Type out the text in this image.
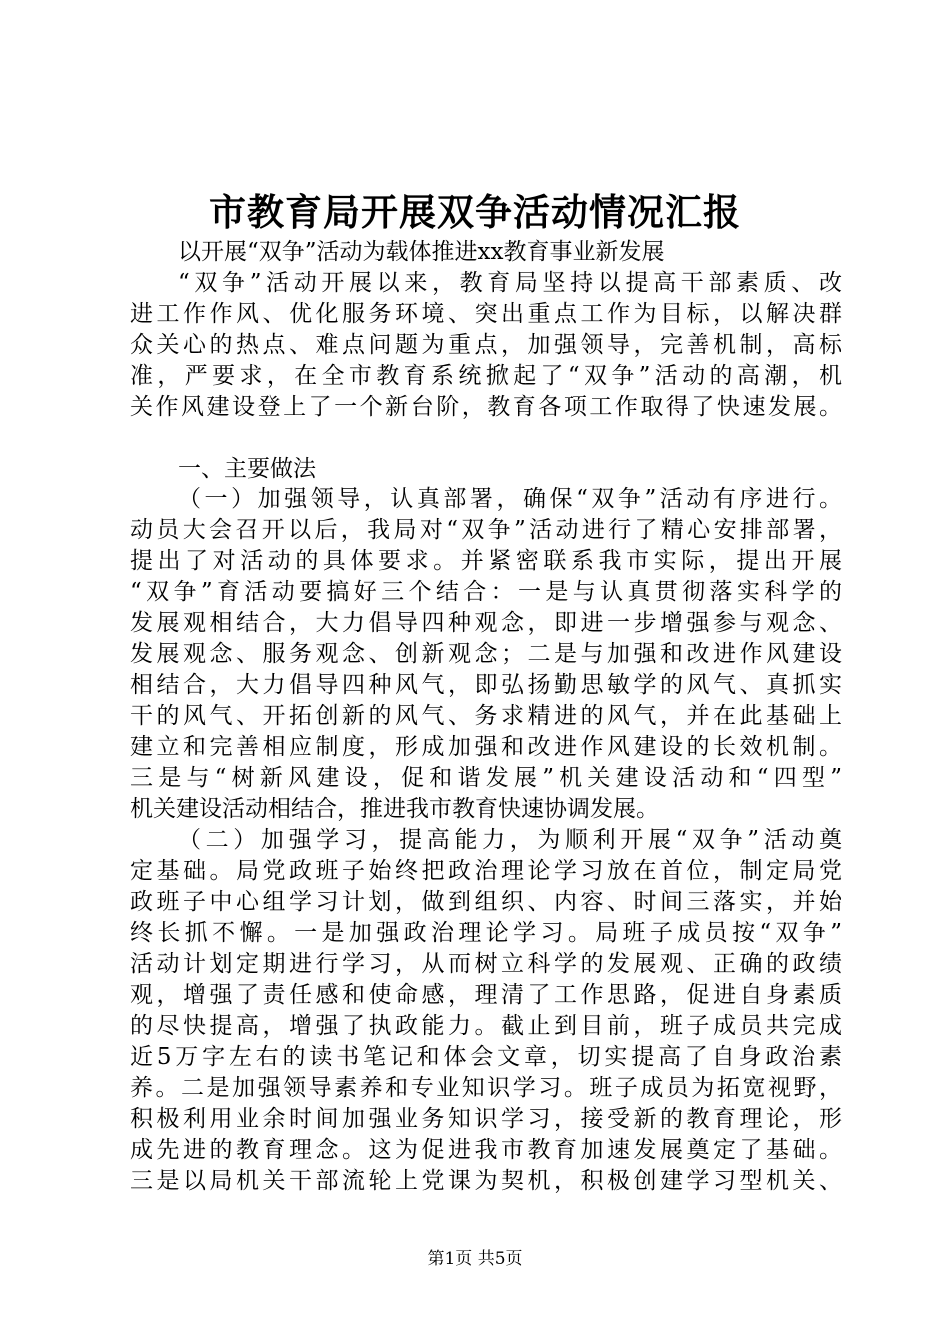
市教育局开展双争活动情况汇报
以开展“双争”活动为载体推进xx教育事业新发展
“双争”活动开展以来，教育局坚持以提高干部素质、改
进工作作风、优化服务环境、突出重点工作为目标，以解决群
众关心的热点、难点问题为重点，加强领导，完善机制，高标
准，严要求，在全市教育系统掀起了“双争”活动的高潮，机
关作风建设登上了一个新台阶，教育各项工作取得了快速发展。
一、主要做法
（一）加强领导，认真部署，确保“双争”活动有序进行。
动员大会召开以后，我局对“双争”活动进行了精心安排部署，
提出了对活动的具体要求。并紧密联系我市实际，提出开展
“双争”育活动要搞好三个结合：一是与认真贯彻落实科学的
发展观相结合，大力倡导四种观念，即进一步增强参与观念、
发展观念、服务观念、创新观念；二是与加强和改进作风建设
相结合，大力倡导四种风气，即弘扬勤思敏学的风气、真抓实
干的风气、开拓创新的风气、务求精进的风气，并在此基础上
建立和完善相应制度，形成加强和改进作风建设的长效机制。
三是与“树新风建设，促和谐发展”机关建设活动和“四型”
机关建设活动相结合，推进我市教育快速协调发展。
（二）加强学习，提高能力，为顺利开展“双争”活动奠
定基础。局党政班子始终把政治理论学习放在首位，制定局党
政班子中心组学习计划，做到组织、内容、时间三落实，并始
终长抓不懈。一是加强政治理论学习。局班子成员按“双争”
活动计划定期进行学习，从而树立科学的发展观、正确的政绩
观，增强了责任感和使命感，理清了工作思路，促进自身素质
的尽快提高，增强了执政能力。截止到目前，班子成员共完成
近5万字左右的读书笔记和体会文章，切实提高了自身政治素
养。二是加强领导素养和专业知识学习。班子成员为拓宽视野，
积极利用业余时间加强业务知识学习，接受新的教育理论，形
成先进的教育理念。这为促进我市教育加速发展奠定了基础。
三是以局机关干部流轮上党课为契机，积极创建学习型机关、
第1页 共5页
